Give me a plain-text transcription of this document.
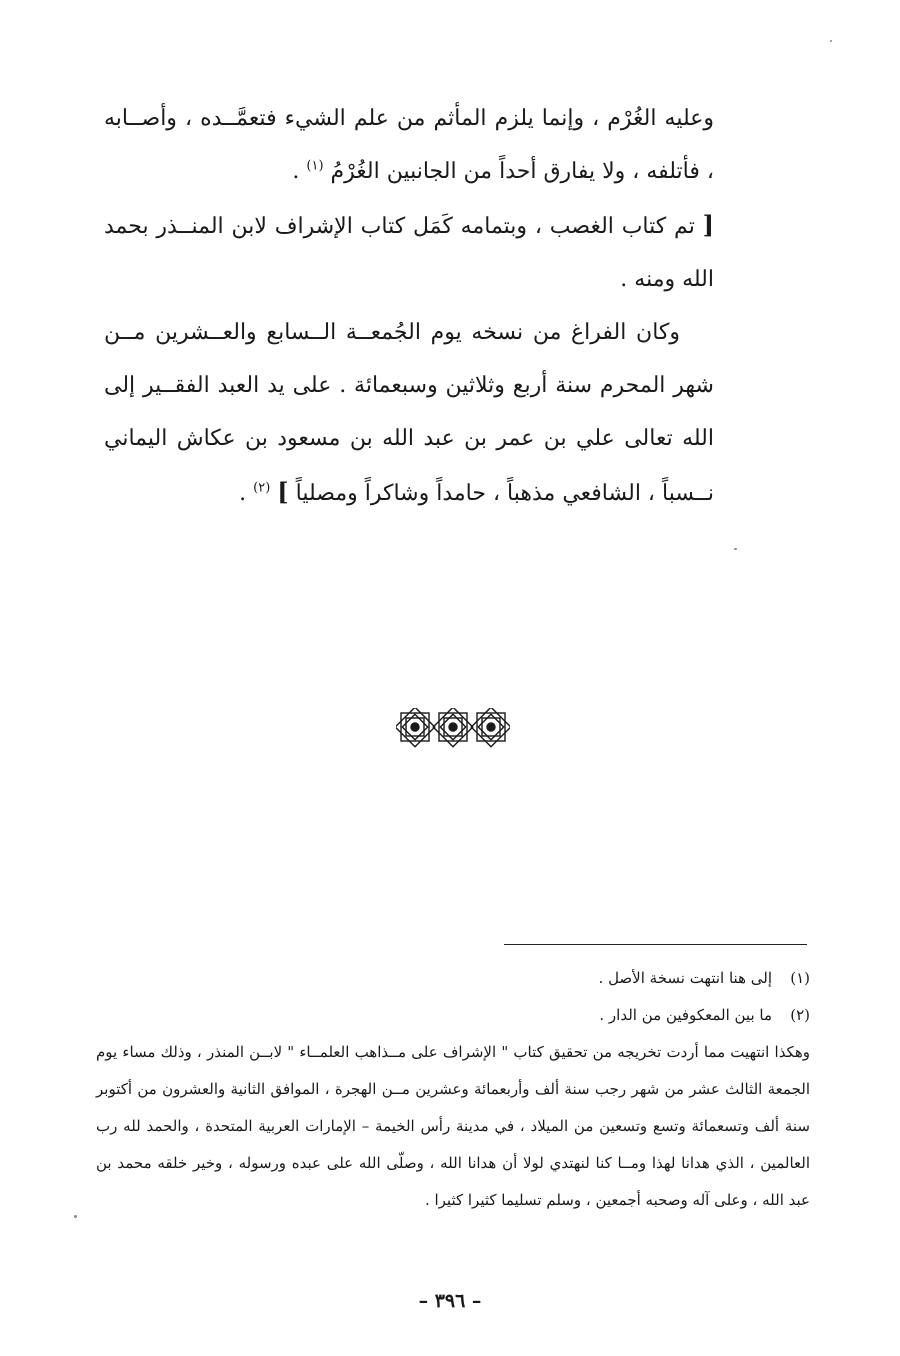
وعليه الغُرْم ، وإنما يلزم المأثم من علم الشيء فتعمَّــده ، وأصــابه ، فأتلفه ، ولا يفارق أحداً من الجانبين الغُرْمُ $^{(١)}$ .

[ تم كتاب الغصب ، وبتمامه كَمَل كتاب الإشراف لابن المنــذر بحمد الله ومنه .

وكان الفراغ من نسخه يوم الجُمعــة الــسابع والعــشرين مــن شهر المحرم سنة أربع وثلاثين وسبعمائة . على يد العبد الفقــير إلى الله تعالى علي بن عمر بن عبد الله بن مسعود بن عكاش اليماني نــسباً ، الشافعي مذهباً ، حامداً وشاكراً ومصلياً ] $^{(٢)}$ .

(١)
إلى هنا انتهت نسخة الأصل .
(٢)
ما بين المعكوفين من الدار .

وهكذا انتهيت مما أردت تخريجه من تحقيق كتاب " الإشراف على مــذاهب العلمــاء " لابــن المنذر ، وذلك مساء يوم الجمعة الثالث عشر من شهر رجب سنة ألف وأربعمائة وعشرين مــن الهجرة ، الموافق الثانية والعشرون من أكتوبر سنة ألف وتسعمائة وتسع وتسعين من الميلاد ، في مدينة رأس الخيمة – الإمارات العربية المتحدة ، والحمد لله رب العالمين ، الذي هدانا لهذا ومــا كنا لنهتدي لولا أن هدانا الله ، وصلّى الله على عبده ورسوله ، وخير خلقه محمد بن عبد الله ، وعلى آله وصحبه أجمعين ، وسلم تسليما كثيرا كثيرا .

– ٣٩٦ –
